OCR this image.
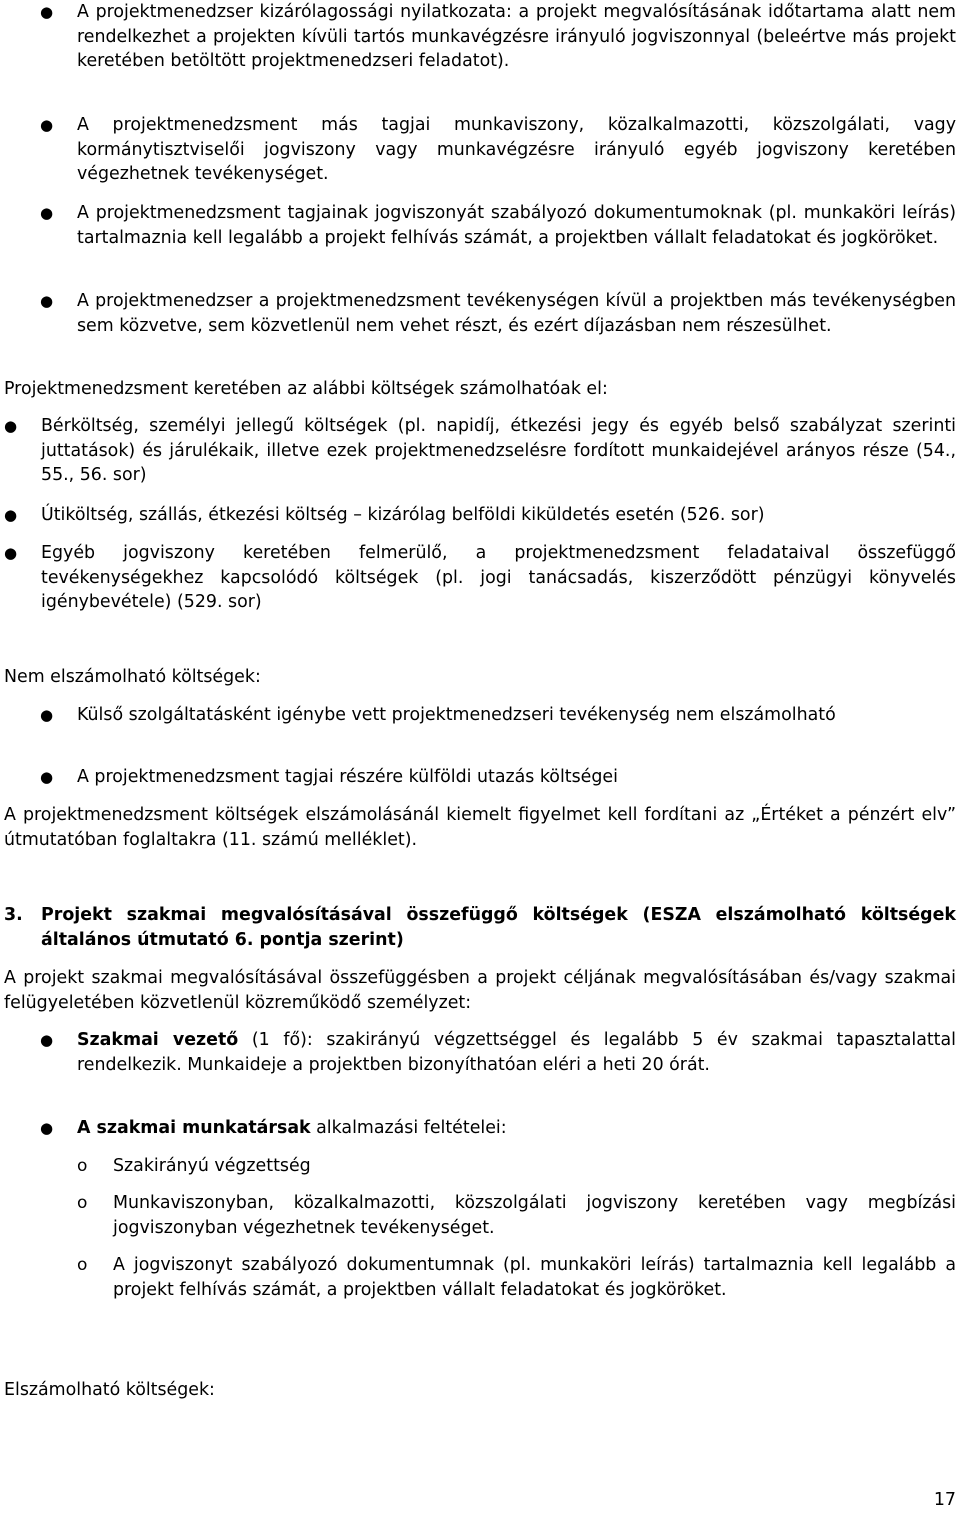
● A projektmenedzser kizárólagossági nyilatkozata: a projekt megvalósításának időtartama alatt nem rendelkezhet a projekten kívüli tartós munkavégzésre irányuló jogviszonnyal (beleértve más projekt keretében betöltött projektmenedzseri feladatot).
● A projektmenedzsment más tagjai munkaviszony, közalkalmazotti, közszolgálati, vagy kormánytisztviselői jogviszony vagy munkavégzésre irányuló egyéb jogviszony keretében végezhetnek tevékenységet.
● A projektmenedzsment tagjainak jogviszonyát szabályozó dokumentumoknak (pl. munkaköri leírás) tartalmaznia kell legalább a projekt felhívás számát, a projektben vállalt feladatokat és jogköröket.
● A projektmenedzser a projektmenedzsment tevékenységen kívül a projektben más tevékenységben sem közvetve, sem közvetlenül nem vehet részt, és ezért díjazásban nem részesülhet.

Projektmenedzsment keretében az alábbi költségek számolhatóak el:

● Bérköltség, személyi jellegű költségek (pl. napidíj, étkezési jegy és egyéb belső szabályzat szerinti juttatások) és járulékaik, illetve ezek projektmenedzselésre fordított munkaidejével arányos része (54., 55., 56. sor)
● Útiköltség, szállás, étkezési költség – kizárólag belföldi kiküldetés esetén (526. sor)
● Egyéb jogviszony keretében felmerülő, a projektmenedzsment feladataival összefüggő tevékenységekhez kapcsolódó költségek (pl. jogi tanácsadás, kiszerződött pénzügyi könyvelés igénybevétele) (529. sor)

Nem elszámolható költségek:

● Külső szolgáltatásként igénybe vett projektmenedzseri tevékenység nem elszámolható
● A projektmenedzsment tagjai részére külföldi utazás költségei

A projektmenedzsment költségek elszámolásánál kiemelt figyelmet kell fordítani az „Értéket a pénzért elv” útmutatóban foglaltakra (11. számú melléklet).

3. Projekt szakmai megvalósításával összefüggő költségek (ESZA elszámolható költségek általános útmutató 6. pontja szerint)

A projekt szakmai megvalósításával összefüggésben a projekt céljának megvalósításában és/vagy szakmai felügyeletében közvetlenül közreműködő személyzet:

● Szakmai vezető (1 fő): szakirányú végzettséggel és legalább 5 év szakmai tapasztalattal rendelkezik. Munkaideje a projektben bizonyíthatóan eléri a heti 20 órát.
● A szakmai munkatársak alkalmazási feltételei:
o Szakirányú végzettség
o Munkaviszonyban, közalkalmazotti, közszolgálati jogviszony keretében vagy megbízási jogviszonyban végezhetnek tevékenységet.
o A jogviszonyt szabályozó dokumentumnak (pl. munkaköri leírás) tartalmaznia kell legalább a projekt felhívás számát, a projektben vállalt feladatokat és jogköröket.

Elszámolható költségek:

17
